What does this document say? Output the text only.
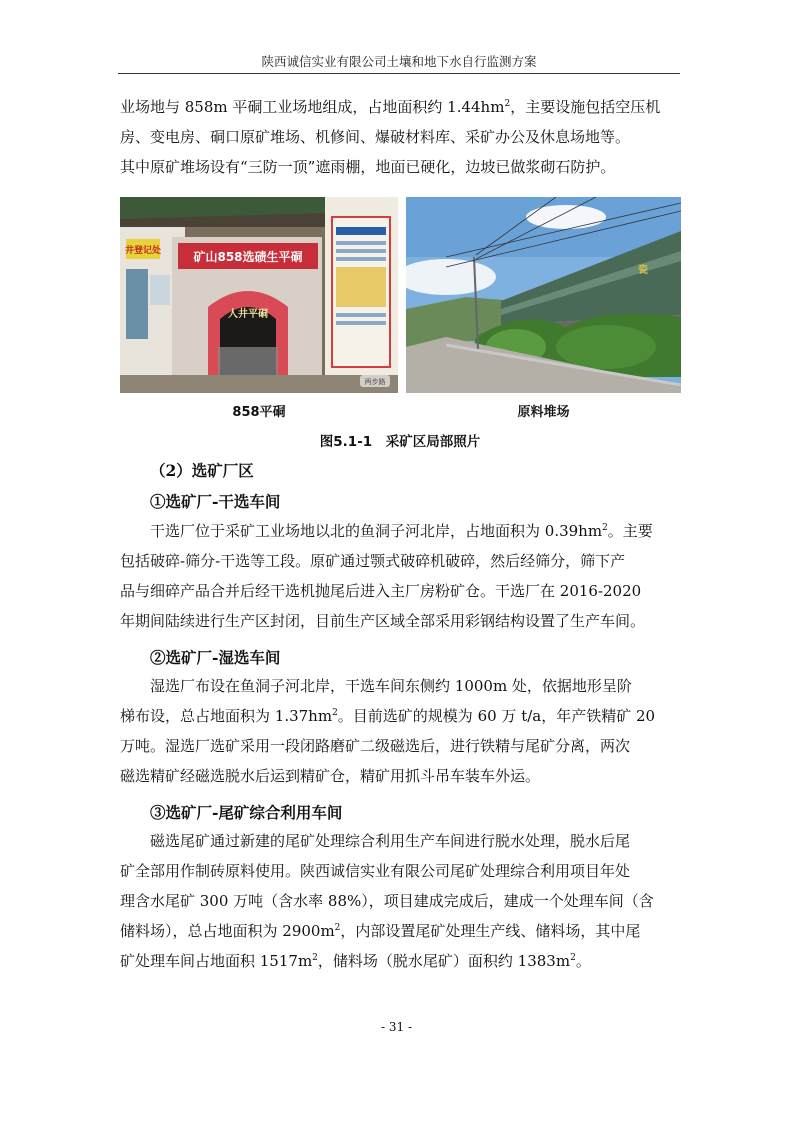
陕西诚信实业有限公司土壤和地下水自行监测方案
业场地与 858m 平硐工业场地组成，占地面积约 $1.44hm^2$，主要设施包括空压机
房、变电房、硐口原矿堆场、机修间、爆破材料库、采矿办公及休息场地等。
其中原矿堆场设有“三防一顶”遮雨棚，地面已硬化，边坡已做浆砌石防护。
井登记处	矿山858选碛生平硐
人井平硐
两步路
瓷
858平硐	原料堆场
图5.1-1　采矿区局部照片
（2）选矿厂区
①选矿厂-干选车间
干选厂位于采矿工业场地以北的鱼洞子河北岸，占地面积为 $0.39hm^2$。主要
包括破碎-筛分-干选等工段。原矿通过颚式破碎机破碎，然后经筛分，筛下产
品与细碎产品合并后经干选机抛尾后进入主厂房粉矿仓。干选厂在 2016-2020
年期间陆续进行生产区封闭，目前生产区域全部采用彩钢结构设置了生产车间。
②选矿厂-湿选车间
湿选厂布设在鱼洞子河北岸，干选车间东侧约 1000m 处，依据地形呈阶
梯布设，总占地面积为 $1.37hm^2$。目前选矿的规模为 60 万 t/a，年产铁精矿 20
万吨。湿选厂选矿采用一段闭路磨矿二级磁选后，进行铁精与尾矿分离，两次
磁选精矿经磁选脱水后运到精矿仓，精矿用抓斗吊车装车外运。
③选矿厂-尾矿综合利用车间
磁选尾矿通过新建的尾矿处理综合利用生产车间进行脱水处理，脱水后尾
矿全部用作制砖原料使用。陕西诚信实业有限公司尾矿处理综合利用项目年处
理含水尾矿 300 万吨（含水率 88%），项目建成完成后，建成一个处理车间（含
储料场），总占地面积为 $2900m^2$，内部设置尾矿处理生产线、储料场，其中尾
矿处理车间占地面积 $1517m^2$，储料场（脱水尾矿）面积约 $1383m^2$。
- 31 -
